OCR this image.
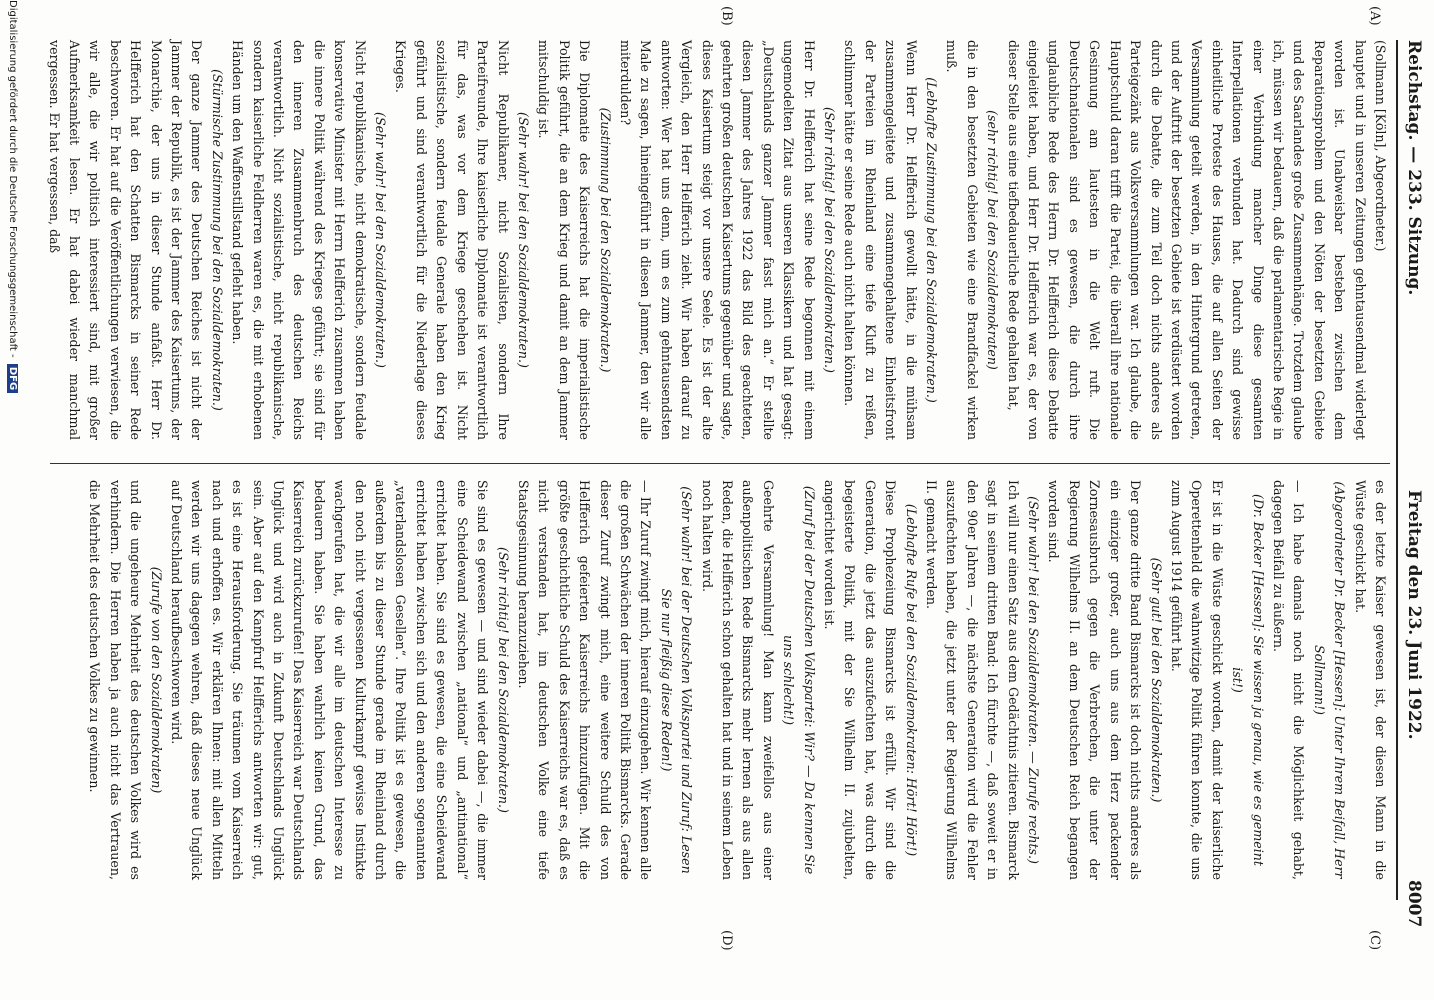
Reichstag. — 233. Sitzung.
Freitag den 23. Juni 1922.
8007
(A)
(B)
(C)
(D)

(Sollmann [Köln], Abgeordneter.)

hauptet und in unseren Zeitungen gehntausendmal widerlegt worden ist. Unabweisbar besteben zwischen dem Reparationsproblem und den Nöten der besetzten Gebiete und des Saarlandes große Zusammenhänge. Trotzdem glaube ich, müssen wir bedauern, daß die parlamentarische Regie in einer Verbindung mancher Dinge diese gesamten Interpellationen verbunden hat. Dadurch sind gewisse einheitliche Proteste des Hauses, die auf allen Seiten der Versammlung geteilt werden, in den Hintergrund getreten, und der Auftritt der besetzten Gebiete ist verdüstert worden durch die Debatte, die zum Teil doch nichts anderes als Parteigezänk aus Volksversammlungen war. Ich glaube, die Hauptschuld daran trifft die Partei, die überall ihre nationale Gesinnung am lautesten in die Welt ruft. Die Deutschnationalen sind es gewesen, die durch ihre unglaubliche Rede des Herrn Dr. Helfferich diese Debatte eingeleitet haben, und Herr Dr. Helfferich war es, der von dieser Stelle aus eine tiefbedauerliche Rede gehalten hat,

(sehr richtig! bei den Sozialdemokraten)

die in den besetzten Gebieten wie eine Brandfackel wirken muß.

(Lebhafte Zustimmung bei den Sozialdemokraten.)

Wenn Herr Dr. Helfferich gewollt hätte, in die mühsam zusammengeleitete und zusammengehaltene Einheitsfront der Parteien im Rheinland eine tiefe Kluft zu reißen, schlimmer hätte er seine Rede auch nicht halten können.

(Sehr richtig! bei den Sozialdemokraten.)

Herr Dr. Helfferich hat seine Rede begonnen mit einem ungemodelten Zitat aus unseren Klassikern und hat gesagt: „Deutschlands ganzer Jammer fasst mich an.“ Er stellte diesen Jammer des Jahres 1922 das Bild des geachteten, geehrten großen deutschen Kaisertums gegenüber und sagte, dieses Kaisertum steigt vor unsere Seele. Es ist der alte Vergleich, den Herr Helfferich zieht. Wir haben darauf zu antworten: Wer hat uns denn, um es zum gehntausendsten Male zu sagen, hineingeführt in diesen Jammer, den wir alle miterdulden?

(Zustimmung bei den Sozialdemokraten.)

Die Diplomatie des Kaiserreichs hat die imperialistische Politik geführt, die an dem Krieg und damit an dem Jammer mitschuldig ist.

(Sehr wahr! bei den Sozialdemokraten.)

Nicht Republikaner, nicht Sozialisten, sondern Ihre Parteifreunde, Ihre kaiserliche Diplomatie ist verantwortlich für das, was vor dem Kriege geschehen ist. Nicht sozialistische, sondern feudale Generale haben den Krieg geführt und sind verantwortlich für die Niederlage dieses Krieges.

(Sehr wahr! bei den Sozialdemokraten.)

Nicht republikanische, nicht demokratische, sondern feudale konservative Minister mit Herrn Helfferich zusammen haben die innere Politik während des Krieges geführt; sie sind für den inneren Zusammenbruch des deutschen Reichs verantwortlich. Nicht sozialistische, nicht republikanische, sondern kaiserliche Feldherren waren es, die mit erhobenen Händen um den Waffenstillstand gefleht haben.

(Stürmische Zustimmung bei den Sozialdemokraten.)

Der ganze Jammer des Deutschen Reiches ist nicht der Jammer der Republik, es ist der Jammer des Kaisertums, der Monarchie, der uns in dieser Stunde anfaßt. Herr Dr. Helfferich hat den Schatten Bismarcks in seiner Rede beschworen. Er hat auf die Veröffentlichungen verwiesen, die wir alle, die wir politisch interessiert sind, mit großer Aufmerksamkeit lesen. Er hat dabei wieder manchmal vergessen. Er hat vergessen, daß

es der letzte Kaiser gewesen ist, der diesen Mann in die Wüste geschickt hat.

(Abgeordneter Dr. Becker [Hessen]: Unter Ihrem Beifall, Herr Sollmann!)

— Ich habe damals noch nicht die Möglichkeit gehabt, dagegen Beifall zu äußern.

(Dr. Becker [Hessen]: Sie wissen ja genau, wie es gemeint ist!)

Er ist in die Wüste geschickt worden, damit der kaiserliche Operettenheld die wahnwitzige Politik führen konnte, die uns zum August 1914 geführt hat.

(Sehr gut! bei den Sozialdemokraten.)

Der ganze dritte Band Bismarcks ist doch nichts anderes als ein einziger großer, auch uns aus dem Herz packender Zornesausbruch gegen die Verbrechen, die unter der Regierung Wilhelms II. an dem Deutschen Reich begangen worden sind.

(Sehr wahr! bei den Sozialdemokraten. — Zurufe rechts.)

Ich will nur einen Satz aus dem Gedächtnis zitieren. Bismarck sagt in seinem dritten Band: Ich fürchte —, daß soweit er in den 90er Jahren —, die nächste Generation wird die Fehler auszufechten haben, die jetzt unter der Regierung Wilhelms II. gemacht werden.

(Lebhafte Rufe bei den Sozialdemokraten: Hört! Hört!)

Diese Prophezeiung Bismarcks ist erfüllt. Wir sind die Generation, die jetzt das auszufechten hat, was durch die begeisterte Politik, mit der Sie Wilhelm II. zujubelten, angerichtet worden ist.

(Zuruf bei der Deutschen Volkspartei: Wir? — Da kennen Sie uns schlecht!)

Geehrte Versammlung! Man kann zweifellos aus einer außenpolitischen Rede Bismarcks mehr lernen als aus allen Reden, die Helfferich schon gehalten hat und in seinem Leben noch halten wird.

(Sehr wahr! bei der Deutschen Volkspartei und Zuruf: Lesen Sie nur fleißig diese Reden!)

— Ihr Zuruf zwingt mich, hierauf einzugehen. Wir kennen alle die großen Schwächen der inneren Politik Bismarcks. Gerade dieser Zuruf zwingt mich, eine weitere Schuld des von Helfferich gefeierten Kaiserreichs hinzuzufügen. Mit die größte geschichtliche Schuld des Kaiserreichs war es, daß es nicht verstanden hat, im deutschen Volke eine tiefe Staatsgesinnung heranzuziehen.

(Sehr richtig! bei den Sozialdemokraten.)

Sie sind es gewesen — und sind wieder dabei —, die immer eine Scheidewand zwischen „national“ und „antinational“ errichtet haben. Sie sind es gewesen, die eine Scheidewand errichtet haben zwischen sich und den anderen sogenannten „vaterlandslosen Gesellen“. Ihre Politik ist es gewesen, die außerdem bis zu dieser Stunde gerade im Rheinland durch den noch nicht vergessenen Kulturkampf gewisse Instinkte wachgerufen hat, die wir alle im deutschen Interesse zu bedauern haben. Sie haben wahrlich keinen Grund, das Kaiserreich zurückzurufen! Das Kaiserreich war Deutschlands Unglück und wird auch in Zukunft Deutschlands Unglück sein. Aber auf den Kampfruf Helfferichs antworten wir: gut, es ist eine Herausforderung. Sie träumen vom Kaiserreich nach und erhoffen es. Wir erklären Ihnen: mit allen Mitteln werden wir uns dagegen wehren, daß dieses neue Unglück auf Deutschland heraufbeschworen wird.

(Zurufe von den Sozialdemokraten)

und die ungeheure Mehrheit des deutschen Volkes wird es verhindern. Die Herren haben ja auch nicht das Vertrauen, die Mehrheit des deutschen Volkes zu gewinnen.

Digitalisierung gefördert durch die Deutsche Forschungsgemeinschaft - DFG
